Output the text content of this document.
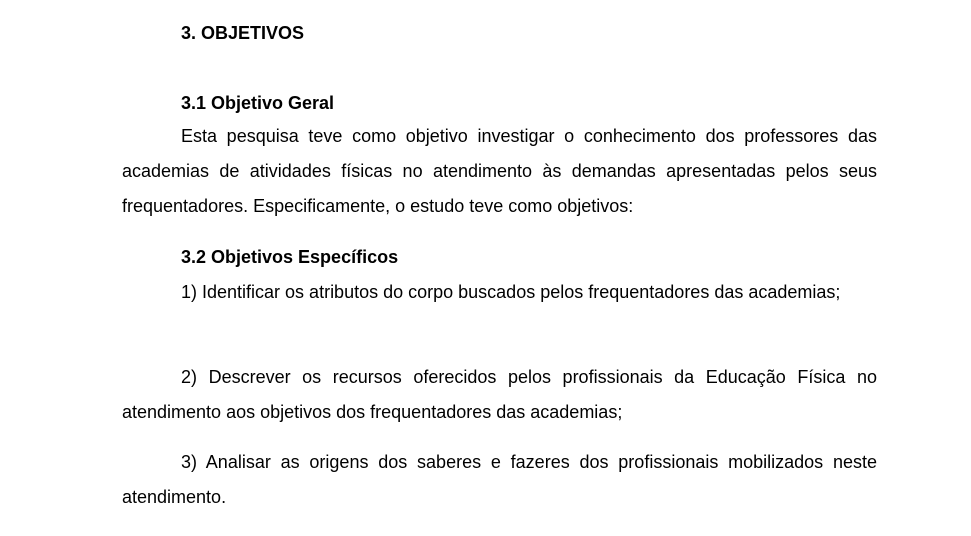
3. OBJETIVOS
3.1 Objetivo Geral

Esta pesquisa teve como objetivo investigar o conhecimento dos professores das academias de atividades físicas no atendimento às demandas apresentadas pelos seus frequentadores. Especificamente, o estudo teve como objetivos:

3.2 Objetivos Específicos

1) Identificar os atributos do corpo buscados pelos frequentadores das academias;

2) Descrever os recursos oferecidos pelos profissionais da Educação Física no atendimento aos objetivos dos frequentadores das academias;

3) Analisar as origens dos saberes e fazeres dos profissionais mobilizados neste atendimento.
